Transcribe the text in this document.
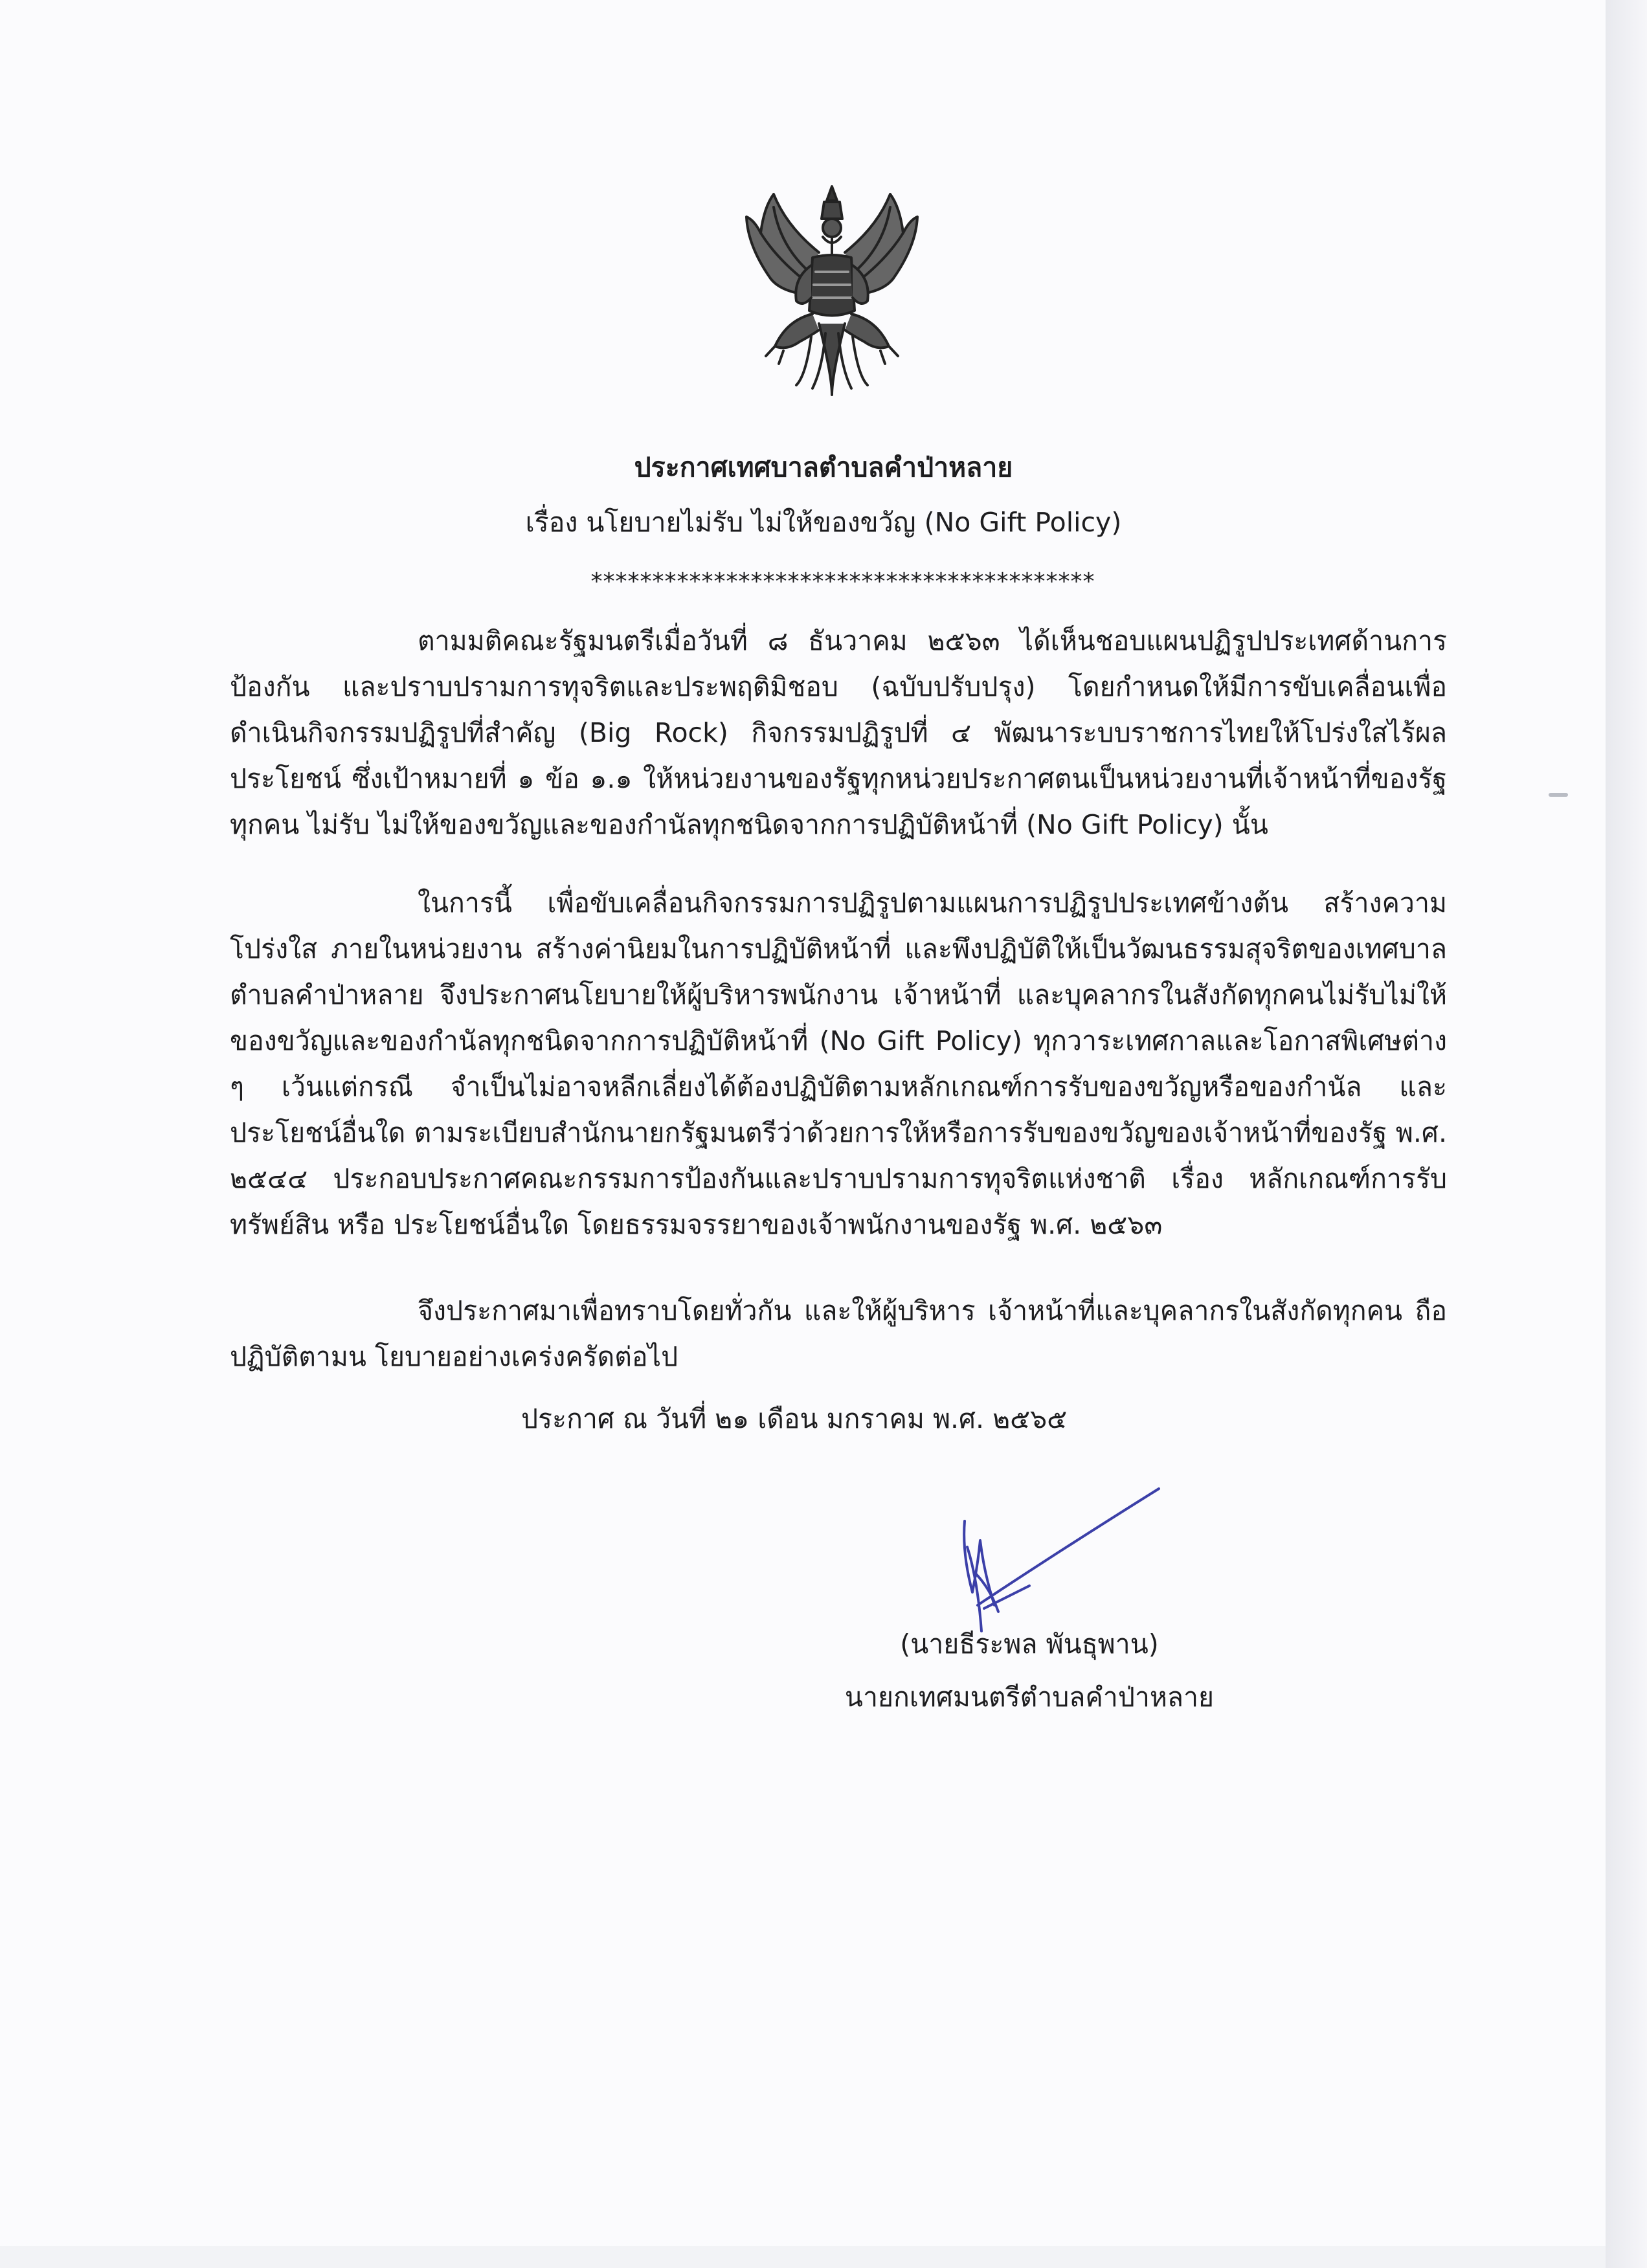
ประกาศเทศบาลตำบลคำป่าหลาย
เรื่อง นโยบายไม่รับ ไม่ให้ของขวัญ (No Gift Policy)
*****************************************

ตามมติคณะรัฐมนตรีเมื่อวันที่ ๘ ธันวาคม ๒๕๖๓ ได้เห็นชอบแผนปฏิรูปประเทศด้านการป้องกัน และปราบปรามการทุจริตและประพฤติมิชอบ (ฉบับปรับปรุง) โดยกำหนดให้มีการขับเคลื่อนเพื่อดำเนินกิจกรรมปฏิรูปที่สำคัญ (Big Rock) กิจกรรมปฏิรูปที่ ๔ พัฒนาระบบราชการไทยให้โปร่งใสไร้ผลประโยชน์ ซึ่งเป้าหมายที่ ๑ ข้อ ๑.๑ ให้หน่วยงานของรัฐทุกหน่วยประกาศตนเป็นหน่วยงานที่เจ้าหน้าที่ของรัฐทุกคน ไม่รับ ไม่ให้ของขวัญและของกำนัลทุกชนิดจากการปฏิบัติหน้าที่ (No Gift Policy) นั้น

ในการนี้ เพื่อขับเคลื่อนกิจกรรมการปฏิรูปตามแผนการปฏิรูปประเทศข้างต้น สร้างความโปร่งใส ภายในหน่วยงาน สร้างค่านิยมในการปฏิบัติหน้าที่ และพึงปฏิบัติให้เป็นวัฒนธรรมสุจริตของเทศบาลตำบลคำป่าหลาย จึงประกาศนโยบายให้ผู้บริหารพนักงาน เจ้าหน้าที่ และบุคลากรในสังกัดทุกคนไม่รับไม่ให้ของขวัญและของกำนัลทุกชนิดจากการปฏิบัติหน้าที่ (No Gift Policy) ทุกวาระเทศกาลและโอกาสพิเศษต่าง ๆ เว้นแต่กรณี จำเป็นไม่อาจหลีกเลี่ยงได้ต้องปฏิบัติตามหลักเกณฑ์การรับของขวัญหรือของกำนัล และประโยชน์อื่นใด ตามระเบียบสำนักนายกรัฐมนตรีว่าด้วยการให้หรือการรับของขวัญของเจ้าหน้าที่ของรัฐ พ.ศ. ๒๕๔๔ ประกอบประกาศคณะกรรมการป้องกันและปราบปรามการทุจริตแห่งชาติ เรื่อง หลักเกณฑ์การรับทรัพย์สิน หรือ ประโยชน์อื่นใด โดยธรรมจรรยาของเจ้าพนักงานของรัฐ พ.ศ. ๒๕๖๓

จึงประกาศมาเพื่อทราบโดยทั่วกัน และให้ผู้บริหาร เจ้าหน้าที่และบุคลากรในสังกัดทุกคน ถือปฏิบัติตามน โยบายอย่างเคร่งครัดต่อไป

ประกาศ ณ วันที่ ๒๑ เดือน มกราคม พ.ศ. ๒๕๖๕
(นายธีระพล พันธุพาน)
นายกเทศมนตรีตำบลคำป่าหลาย
